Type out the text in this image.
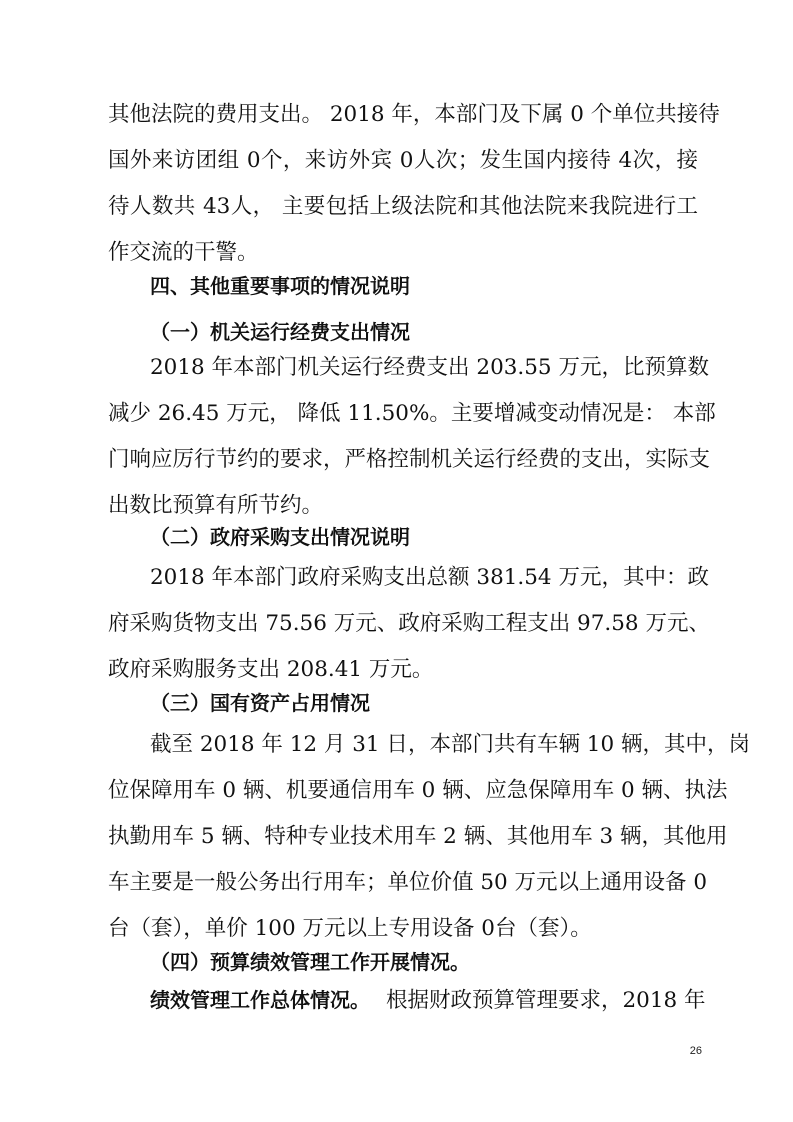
其他法院的费用支出。 2018 年，本部门及下属 0 个单位共接待
国外来访团组 0个，来访外宾 0人次；发生国内接待 4次，接
待人数共 43人， 主要包括上级法院和其他法院来我院进行工
作交流的干警。
四、其他重要事项的情况说明
（一）机关运行经费支出情况
2018 年本部门机关运行经费支出 203.55 万元，比预算数
减少 26.45 万元， 降低 11.50%。主要增减变动情况是： 本部
门响应厉行节约的要求，严格控制机关运行经费的支出，实际支
出数比预算有所节约。
（二）政府采购支出情况说明
2018 年本部门政府采购支出总额 381.54 万元，其中：政
府采购货物支出 75.56 万元、政府采购工程支出 97.58 万元、
政府采购服务支出 208.41 万元。
（三）国有资产占用情况
截至 2018 年 12 月 31 日，本部门共有车辆 10 辆，其中，岗
位保障用车 0 辆、机要通信用车 0 辆、应急保障用车 0 辆、执法
执勤用车 5 辆、特种专业技术用车 2 辆、其他用车 3 辆，其他用
车主要是一般公务出行用车；单位价值 50 万元以上通用设备 0
台（套），单价 100 万元以上专用设备 0台（套）。
（四）预算绩效管理工作开展情况。
绩效管理工作总体情况。 根据财政预算管理要求，2018 年
26
